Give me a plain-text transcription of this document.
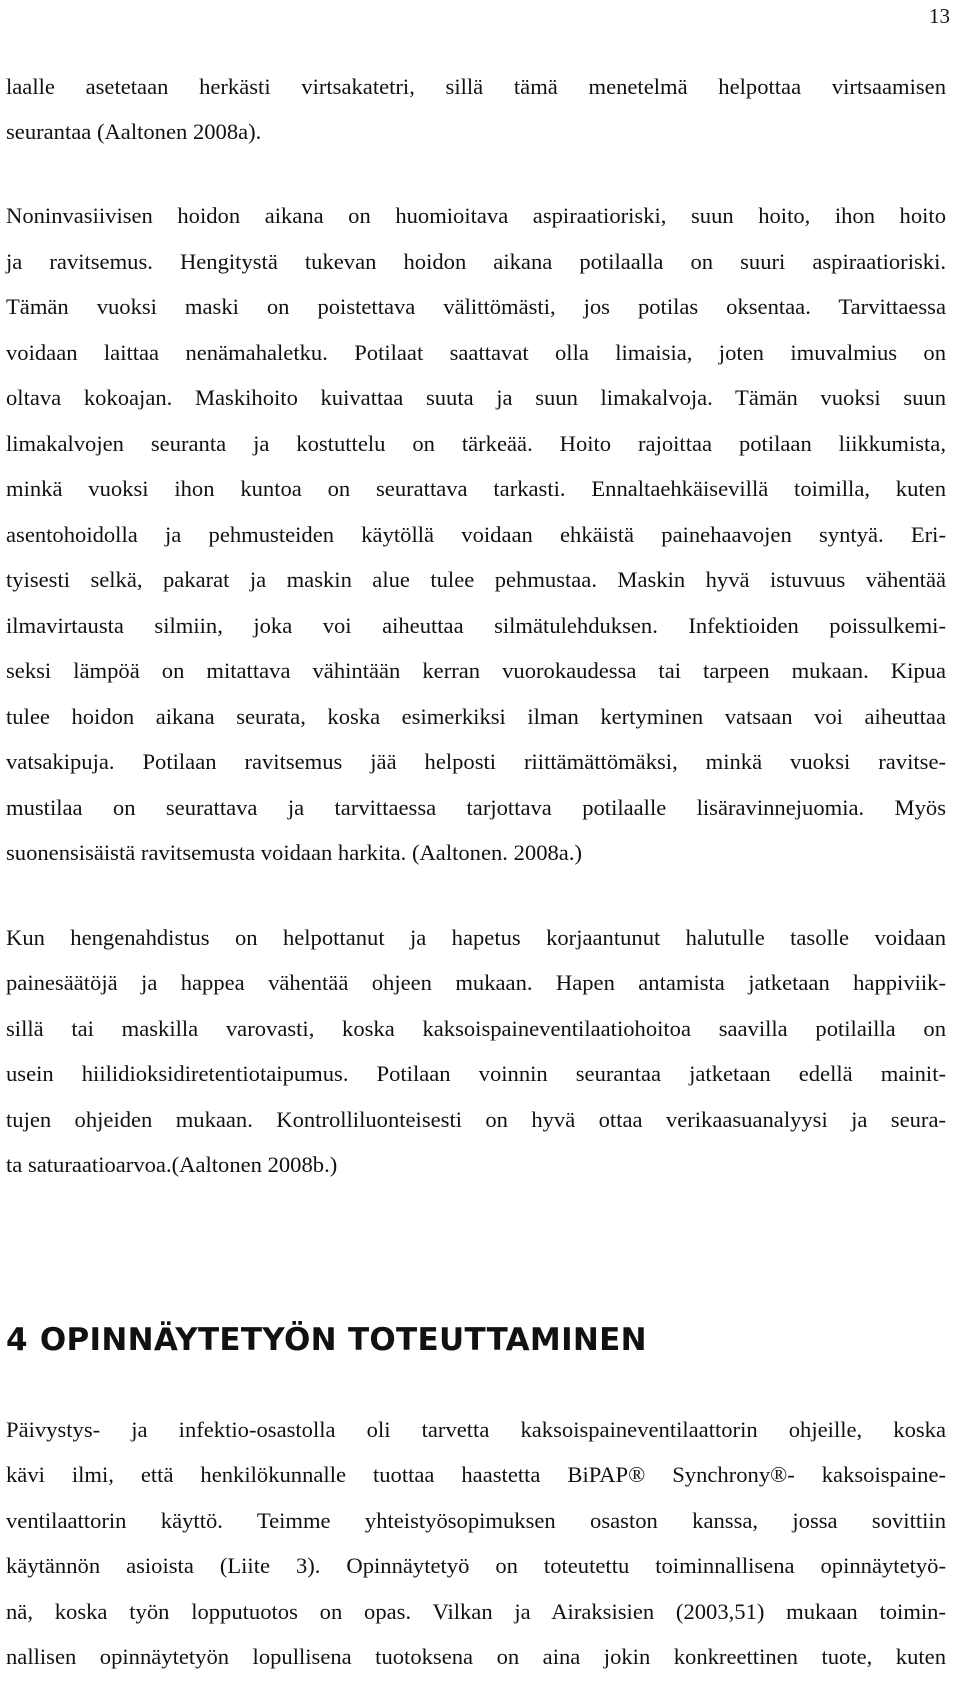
13
laalle asetetaan herkästi virtsakatetri, sillä tämä menetelmä helpottaa virtsaamisen
seurantaa (Aaltonen 2008a).
Noninvasiivisen hoidon aikana on huomioitava aspiraatioriski, suun hoito, ihon hoito
ja ravitsemus. Hengitystä tukevan hoidon aikana potilaalla on suuri aspiraatioriski.
Tämän vuoksi maski on poistettava välittömästi, jos potilas oksentaa. Tarvittaessa
voidaan laittaa nenämahaletku. Potilaat saattavat olla limaisia, joten imuvalmius on
oltava kokoajan. Maskihoito kuivattaa suuta ja suun limakalvoja. Tämän vuoksi suun
limakalvojen seuranta ja kostuttelu on tärkeää. Hoito rajoittaa potilaan liikkumista,
minkä vuoksi ihon kuntoa on seurattava tarkasti. Ennaltaehkäisevillä toimilla, kuten
asentohoidolla ja pehmusteiden käytöllä voidaan ehkäistä painehaavojen syntyä. Eri-
tyisesti selkä, pakarat ja maskin alue tulee pehmustaa. Maskin hyvä istuvuus vähentää
ilmavirtausta silmiin, joka voi aiheuttaa silmätulehduksen. Infektioiden poissulkemi-
seksi lämpöä on mitattava vähintään kerran vuorokaudessa tai tarpeen mukaan. Kipua
tulee hoidon aikana seurata, koska esimerkiksi ilman kertyminen vatsaan voi aiheuttaa
vatsakipuja. Potilaan ravitsemus jää helposti riittämättömäksi, minkä vuoksi ravitse-
mustilaa on seurattava ja tarvittaessa tarjottava potilaalle lisäravinnejuomia. Myös
suonensisäistä ravitsemusta voidaan harkita. (Aaltonen. 2008a.)
Kun hengenahdistus on helpottanut ja hapetus korjaantunut halutulle tasolle voidaan
painesäätöjä ja happea vähentää ohjeen mukaan. Hapen antamista jatketaan happiviik-
sillä tai maskilla varovasti, koska kaksoispaineventilaatiohoitoa saavilla potilailla on
usein hiilidioksidiretentiotaipumus. Potilaan voinnin seurantaa jatketaan edellä mainit-
tujen ohjeiden mukaan. Kontrolliluonteisesti on hyvä ottaa verikaasuanalyysi ja seura-
ta saturaatioarvoa.(Aaltonen 2008b.)
4 OPINNÄYTETYÖN TOTEUTTAMINEN
Päivystys- ja infektio-osastolla oli tarvetta kaksoispaineventilaattorin ohjeille, koska
kävi ilmi, että henkilökunnalle tuottaa haastetta BiPAP® Synchrony®- kaksoispaine-
ventilaattorin käyttö. Teimme yhteistyösopimuksen osaston kanssa, jossa sovittiin
käytännön asioista (Liite 3). Opinnäytetyö on toteutettu toiminnallisena opinnäytetyö-
nä, koska työn lopputuotos on opas. Vilkan ja Airaksisien (2003,51) mukaan toimin-
nallisen opinnäytetyön lopullisena tuotoksena on aina jokin konkreettinen tuote, kuten
